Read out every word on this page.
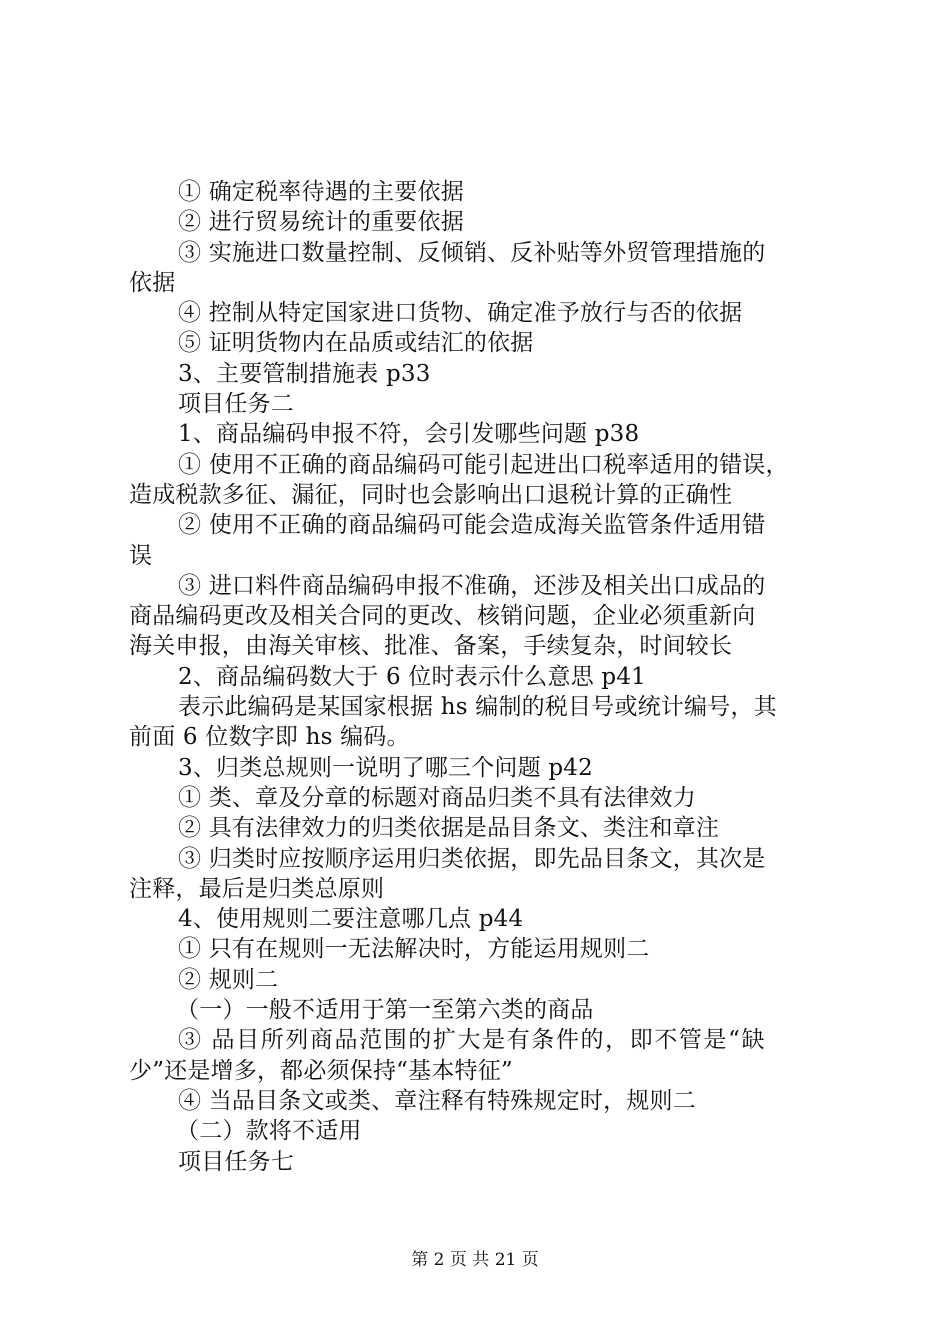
① 确定税率待遇的主要依据
② 进行贸易统计的重要依据
③ 实施进口数量控制、反倾销、反补贴等外贸管理措施的
依据
④ 控制从特定国家进口货物、确定准予放行与否的依据
⑤ 证明货物内在品质或结汇的依据
3、主要管制措施表 p33
项目任务二
1、商品编码申报不符，会引发哪些问题 p38
① 使用不正确的商品编码可能引起进出口税率适用的错误，
造成税款多征、漏征，同时也会影响出口退税计算的正确性
② 使用不正确的商品编码可能会造成海关监管条件适用错
误
③ 进口料件商品编码申报不准确，还涉及相关出口成品的
商品编码更改及相关合同的更改、核销问题，企业必须重新向
海关申报，由海关审核、批准、备案，手续复杂，时间较长
2、商品编码数大于 6 位时表示什么意思 p41
表示此编码是某国家根据 hs 编制的税目号或统计编号，其
前面 6 位数字即 hs 编码。
3、归类总规则一说明了哪三个问题 p42
① 类、章及分章的标题对商品归类不具有法律效力
② 具有法律效力的归类依据是品目条文、类注和章注
③ 归类时应按顺序运用归类依据，即先品目条文，其次是
注释，最后是归类总原则
4、使用规则二要注意哪几点 p44
① 只有在规则一无法解决时，方能运用规则二
② 规则二
（一）一般不适用于第一至第六类的商品
③ 品目所列商品范围的扩大是有条件的，即不管是“缺
少”还是增多，都必须保持“基本特征”
④ 当品目条文或类、章注释有特殊规定时，规则二
（二）款将不适用
项目任务七
第 2 页 共 21 页
